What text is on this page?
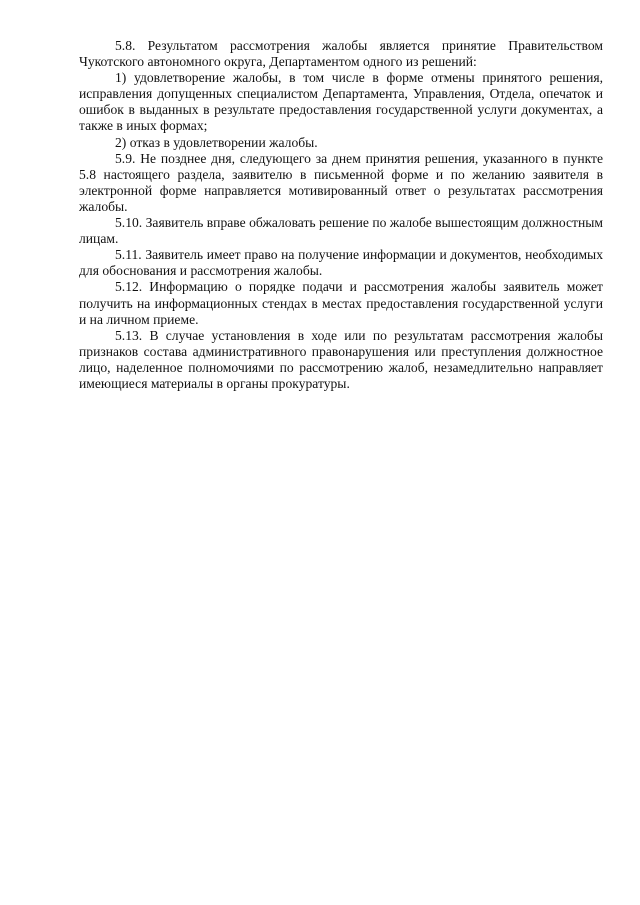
5.8. Результатом рассмотрения жалобы является принятие Правительством Чукотского автономного округа, Департаментом одного из решений:

1) удовлетворение жалобы, в том числе в форме отмены принятого решения, исправления допущенных специалистом Департамента, Управления, Отдела, опечаток и ошибок в выданных в результате предоставления государственной услуги документах, а также в иных формах;

2) отказ в удовлетворении жалобы.

5.9. Не позднее дня, следующего за днем принятия решения, указанного в пункте 5.8 настоящего раздела, заявителю в письменной форме и по желанию заявителя в электронной форме направляется мотивированный ответ о результатах рассмотрения жалобы.

5.10. Заявитель вправе обжаловать решение по жалобе вышестоящим должностным лицам.

5.11. Заявитель имеет право на получение информации и документов, необходимых для обоснования и рассмотрения жалобы.

5.12. Информацию о порядке подачи и рассмотрения жалобы заявитель может получить на информационных стендах в местах предоставления государственной услуги и на личном приеме.

5.13. В случае установления в ходе или по результатам рассмотрения жалобы признаков состава административного правонарушения или преступления должностное лицо, наделенное полномочиями по рассмотрению жалоб, незамедлительно направляет имеющиеся материалы в органы прокуратуры.
